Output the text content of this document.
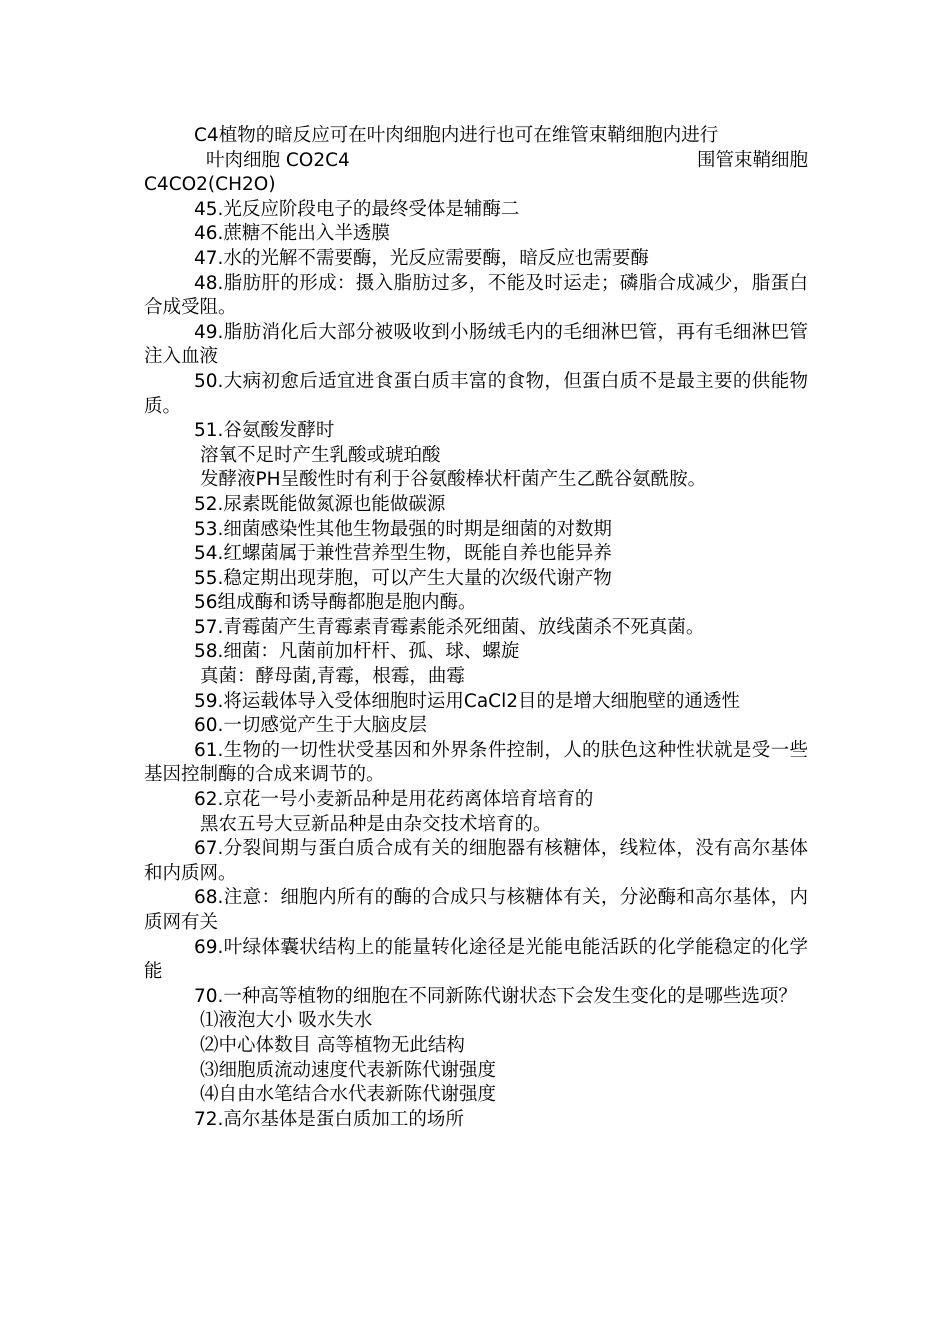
C4植物的暗反应可在叶肉细胞内进行也可在维管束鞘细胞内进行

叶肉细胞 CO2C4	围管束鞘细胞

C4CO2(CH2O)

45.光反应阶段电子的最终受体是辅酶二

46.蔗糖不能出入半透膜

47.水的光解不需要酶，光反应需要酶，暗反应也需要酶

48.脂肪肝的形成：摄入脂肪过多，不能及时运走；磷脂合成减少，脂蛋白合成受阻。

49.脂肪消化后大部分被吸收到小肠绒毛内的毛细淋巴管，再有毛细淋巴管注入血液

50.大病初愈后适宜进食蛋白质丰富的食物，但蛋白质不是最主要的供能物质。

51.谷氨酸发酵时

溶氧不足时产生乳酸或琥珀酸

发酵液PH呈酸性时有利于谷氨酸棒状杆菌产生乙酰谷氨酰胺。

52.尿素既能做氮源也能做碳源

53.细菌感染性其他生物最强的时期是细菌的对数期

54.红螺菌属于兼性营养型生物，既能自养也能异养

55.稳定期出现芽胞，可以产生大量的次级代谢产物

56组成酶和诱导酶都胞是胞内酶。

57.青霉菌产生青霉素青霉素能杀死细菌、放线菌杀不死真菌。

58.细菌：凡菌前加杆杆、孤、球、螺旋

真菌：酵母菌,青霉，根霉，曲霉

59.将运载体导入受体细胞时运用CaCl2目的是增大细胞壁的通透性

60.一切感觉产生于大脑皮层

61.生物的一切性状受基因和外界条件控制，人的肤色这种性状就是受一些基因控制酶的合成来调节的。

62.京花一号小麦新品种是用花药离体培育培育的

黑农五号大豆新品种是由杂交技术培育的。

67.分裂间期与蛋白质合成有关的细胞器有核糖体，线粒体，没有高尔基体和内质网。

68.注意：细胞内所有的酶的合成只与核糖体有关，分泌酶和高尔基体，内质网有关

69.叶绿体囊状结构上的能量转化途径是光能电能活跃的化学能稳定的化学能

70.一种高等植物的细胞在不同新陈代谢状态下会发生变化的是哪些选项？

⑴液泡大小 吸水失水

⑵中心体数目 高等植物无此结构

⑶细胞质流动速度代表新陈代谢强度

⑷自由水笔结合水代表新陈代谢强度

72.高尔基体是蛋白质加工的场所
